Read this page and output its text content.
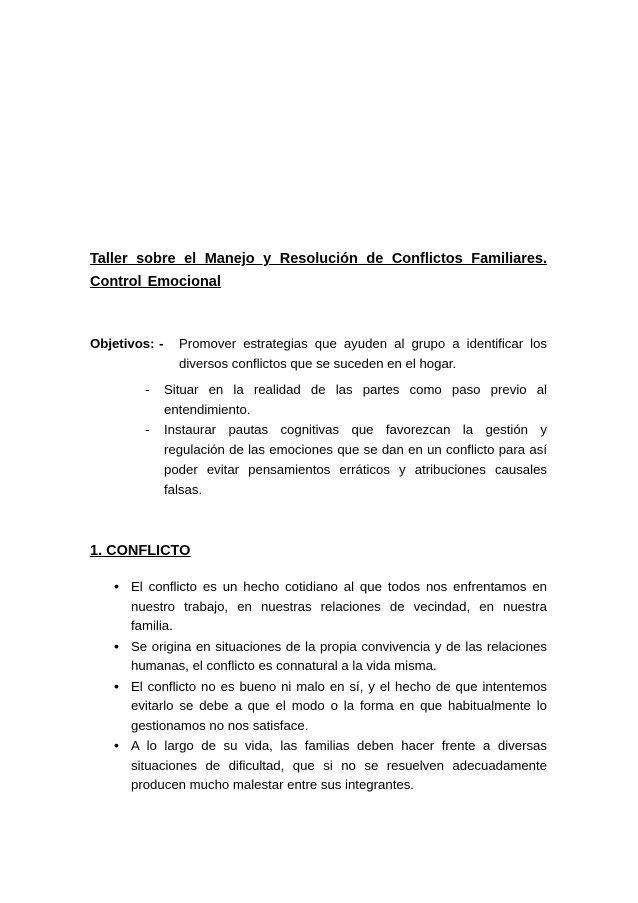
Taller sobre el Manejo y Resolución de Conflictos Familiares. Control Emocional
Objetivos: -	Promover estrategias que ayuden al grupo a identificar los diversos conflictos que se suceden en el hogar.
-	Situar en la realidad de las partes como paso previo al entendimiento.
-	Instaurar pautas cognitivas que favorezcan la gestión y regulación de las emociones que se dan en un conflicto para así poder evitar pensamientos erráticos y atribuciones causales falsas.
1. CONFLICTO
• El conflicto es un hecho cotidiano al que todos nos enfrentamos en nuestro trabajo, en nuestras relaciones de vecindad, en nuestra familia.
• Se origina en situaciones de la propia convivencia y de las relaciones humanas, el conflicto es connatural a la vida misma.
• El conflicto no es bueno ni malo en sí, y el hecho de que intentemos evitarlo se debe a que el modo o la forma en que habitualmente lo gestionamos no nos satisface.
• A lo largo de su vida, las familias deben hacer frente a diversas situaciones de dificultad, que si no se resuelven adecuadamente producen mucho malestar entre sus integrantes.
